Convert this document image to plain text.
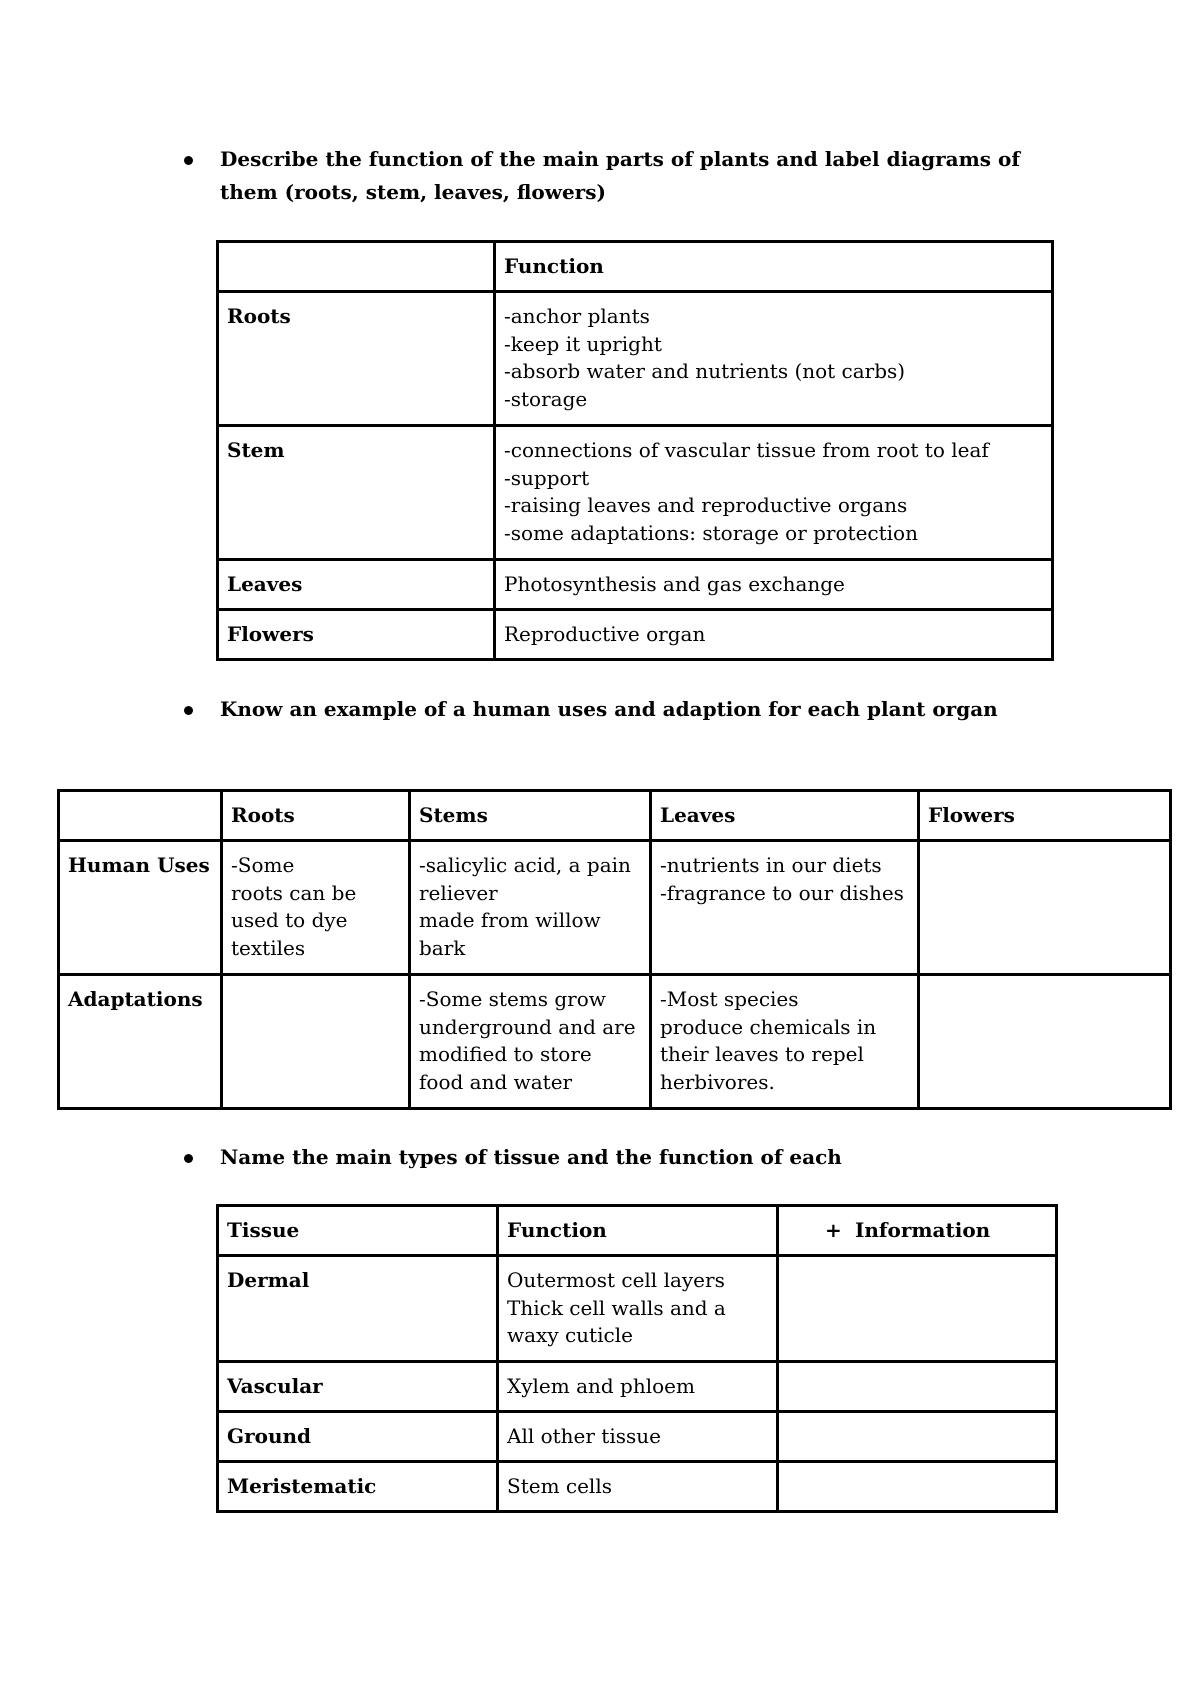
Describe the function of the main parts of plants and label diagrams of them (roots, stem, leaves, flowers)
	Function
Roots	-anchor plants
-keep it upright
-absorb water and nutrients (not carbs)
-storage

Stem	-connections of vascular tissue from root to leaf
-support
-raising leaves and reproductive organs
-some adaptations: storage or protection

Leaves	Photosynthesis and gas exchange

Flowers	Reproductive organ
Know an example of a human uses and adaption for each plant organ
	Roots	Stems	Leaves	Flowers
Human Uses	-Some
roots can be
used to dye
textiles	-salicylic acid, a pain
reliever
made from willow
bark	-nutrients in our diets
-fragrance to our dishes	

Adaptations		-Some stems grow
underground and are
modified to store
food and water	-Most species
produce chemicals in
their leaves to repel
herbivores.	

Name the main types of tissue and the function of each
Tissue	Function	+ Information
Dermal	Outermost cell layers
Thick cell walls and a
waxy cuticle	

Vascular	Xylem and phloem	

Ground	All other tissue	

Meristematic	Stem cells	
